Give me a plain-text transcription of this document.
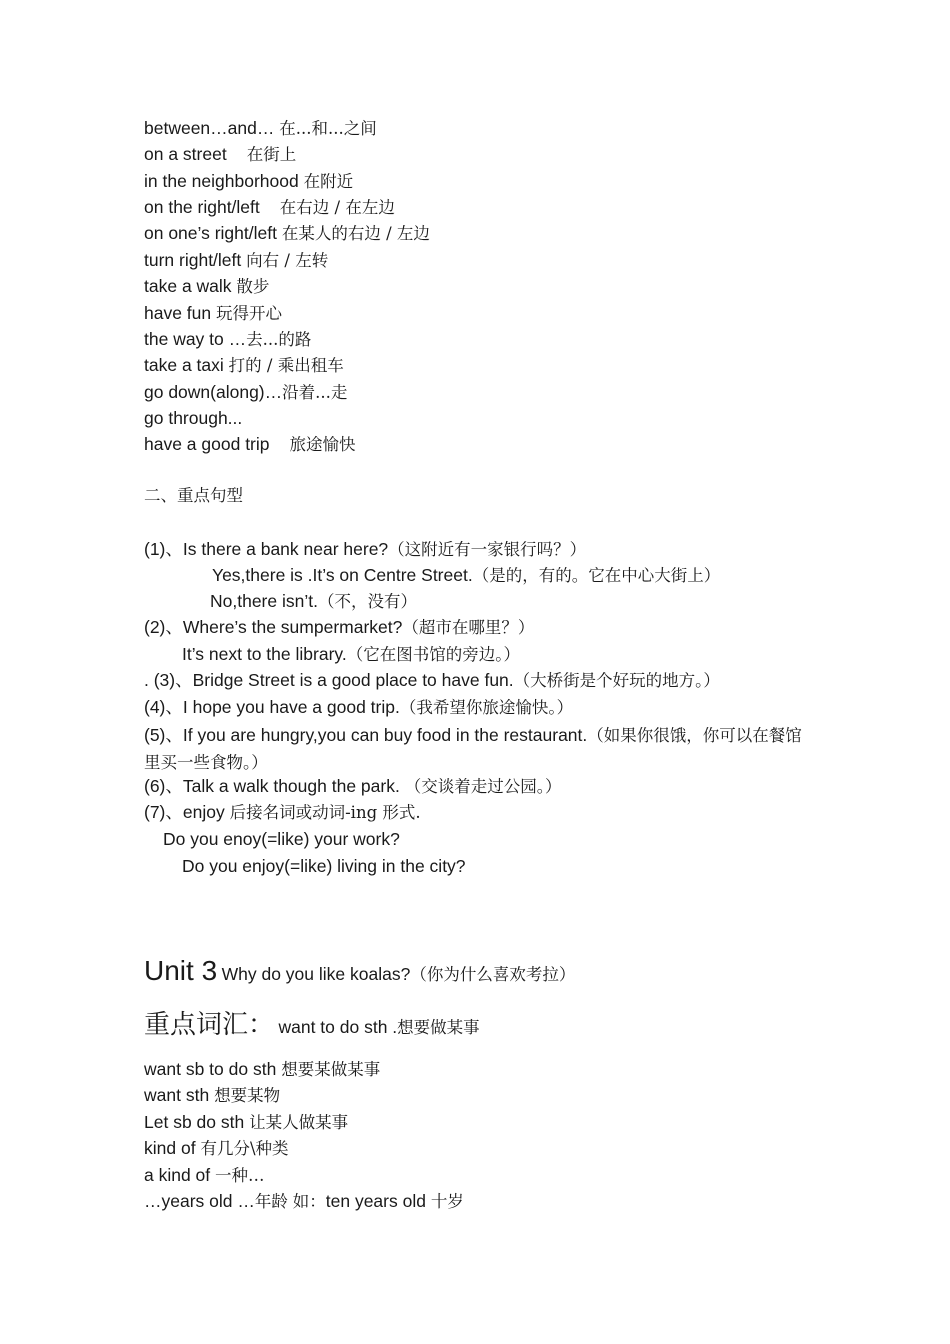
between…and… 在...和...之间
on a street 在街上
in the neighborhood 在附近
on the right/left 在右边 / 在左边
on one’s right/left 在某人的右边 / 左边
turn right/left 向右 / 左转
take a walk 散步
have fun 玩得开心
the way to …去...的路
take a taxi 打的 / 乘出租车
go down(along)…沿着...走
go through...
have a good trip 旅途愉快
二、重点句型
(1)、Is there a bank near here?（这附近有一家银行吗？）
Yes,there is .It’s on Centre Street.（是的，有的。它在中心大街上）
No,there isn’t.（不，没有）
(2)、Where’s the sumpermarket?（超市在哪里？）
It’s next to the library.（它在图书馆的旁边。）
. (3)、Bridge Street is a good place to have fun.（大桥街是个好玩的地方。）
(4)、I hope you have a good trip.（我希望你旅途愉快。）
(5)、If you are hungry,you can buy food in the restaurant.（如果你很饿，你可以在餐馆里买一些食物。）
(6)、Talk a walk though the park. （交谈着走过公园。）
(7)、enjoy 后接名词或动词-ing 形式.
Do you enoy(=like) your work?
Do you enjoy(=like) living in the city?
Unit 3 Why do you like koalas?（你为什么喜欢考拉）
重点词汇： want to do sth .想要做某事
want sb to do sth 想要某做某事
want sth 想要某物
Let sb do sth 让某人做某事
kind of 有几分\种类
a kind of 一种…
…years old …年龄 如：ten years old 十岁
